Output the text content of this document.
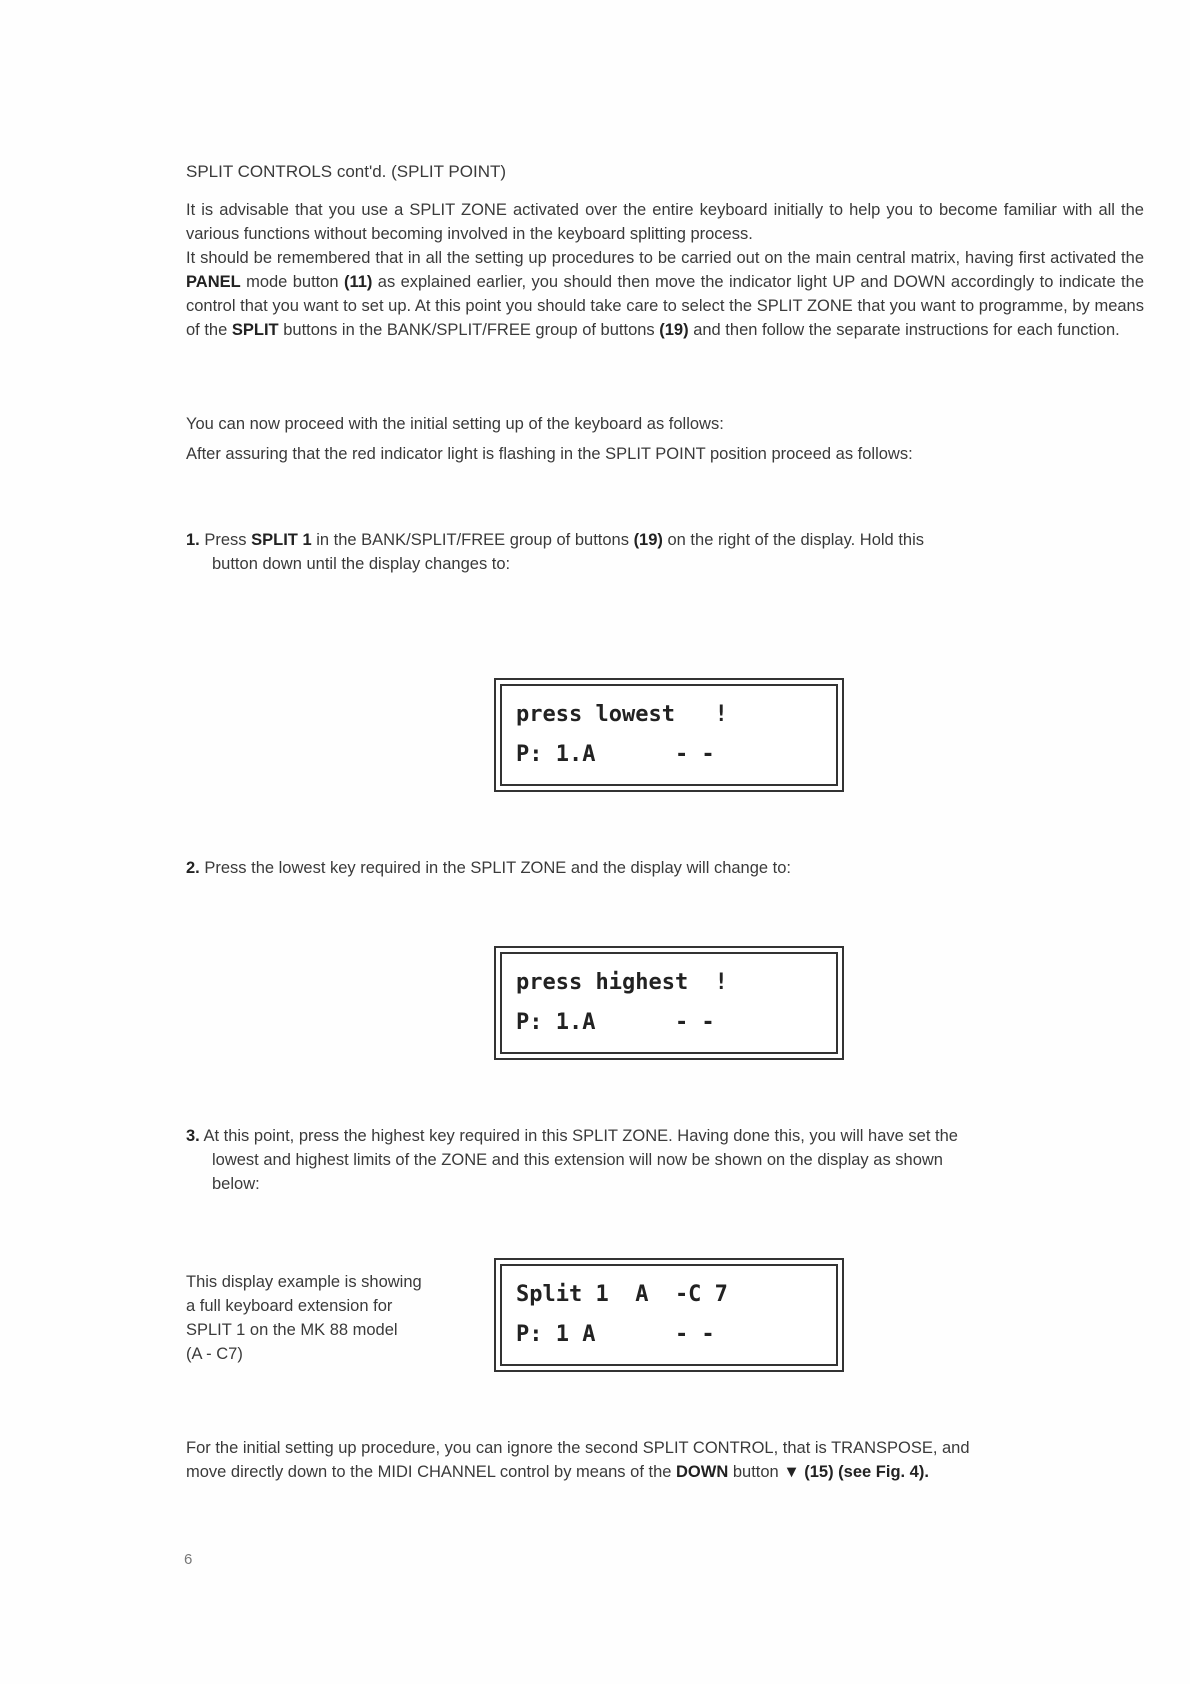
SPLIT CONTROLS cont'd. (SPLIT POINT)
It is advisable that you use a SPLIT ZONE activated over the entire keyboard initially to help you to become familiar with all the various functions without becoming involved in the keyboard splitting process.
It should be remembered that in all the setting up procedures to be carried out on the main central matrix, having first activated the PANEL mode button (11) as explained earlier, you should then move the indicator light UP and DOWN accordingly to indicate the control that you want to set up. At this point you should take care to select the SPLIT ZONE that you want to programme, by means of the SPLIT buttons in the BANK/SPLIT/FREE group of buttons (19) and then follow the separate instructions for each function.
You can now proceed with the initial setting up of the keyboard as follows:
After assuring that the red indicator light is flashing in the SPLIT POINT position proceed as follows:
1. Press SPLIT 1 in the BANK/SPLIT/FREE group of buttons (19) on the right of the display. Hold this
button down until the display changes to:
press lowest   !
P: 1.A      - -
2. Press the lowest key required in the SPLIT ZONE and the display will change to:
press highest  !
P: 1.A      - -
3. At this point, press the highest key required in this SPLIT ZONE. Having done this, you will have set the
lowest and highest limits of the ZONE and this extension will now be shown on the display as shown
below:
This display example is showing
a full keyboard extension for
SPLIT 1 on the MK 88 model
(A - C7)
Split 1  A  -C 7
P: 1 A      - -
For the initial setting up procedure, you can ignore the second SPLIT CONTROL, that is TRANSPOSE, and
move directly down to the MIDI CHANNEL control by means of the DOWN button ▼ (15) (see Fig. 4).
6
